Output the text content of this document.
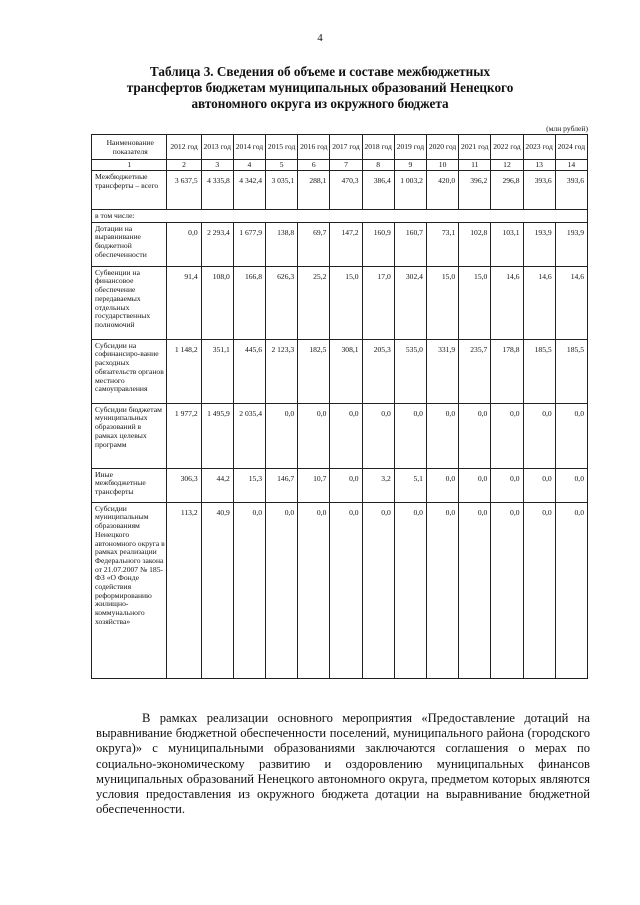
4
Таблица 3. Сведения об объеме и составе межбюджетных трансфертов бюджетам муниципальных образований Ненецкого автономного округа из окружного бюджета
(млн рублей)
Наименование показателя	2012 год	2013 год	2014 год	2015 год	2016 год	2017 год	2018 год	2019 год	2020 год	2021 год	2022 год	2023 год	2024 год
1	2	3	4	5	6	7	8	9	10	11	12	13	14
Межбюджетные трансферты – всего	3 637,5	4 335,8	4 342,4	3 035,1	288,1	470,3	386,4	1 003,2	420,0	396,2	296,8	393,6	393,6
в том числе:													
Дотации на выравнивание бюджетной обеспеченности	0,0	2 293,4	1 677,9	138,8	69,7	147,2	160,9	160,7	73,1	102,8	103,1	193,9	193,9
Субвенции на финансовое обеспечение передаваемых отдельных государственных полномочий	91,4	108,0	166,8	626,3	25,2	15,0	17,0	302,4	15,0	15,0	14,6	14,6	14,6
Субсидии на софинансиро-вание расходных обязательств органов местного самоуправления	1 148,2	351,1	445,6	2 123,3	182,5	308,1	205,3	535,0	331,9	235,7	178,8	185,5	185,5
Субсидии бюджетам муниципальных образований в рамках целевых программ	1 977,2	1 495,9	2 035,4	0,0	0,0	0,0	0,0	0,0	0,0	0,0	0,0	0,0	0,0
Иные межбюджетные трансферты	306,3	44,2	15,3	146,7	10,7	0,0	3,2	5,1	0,0	0,0	0,0	0,0	0,0
Субсидии муниципальным образованиям Ненецкого автономного округа в рамках реализации Федерального закона от 21.07.2007 № 185-ФЗ «О Фонде содействия реформированию жилищно-коммунального хозяйства»	113,2	40,9	0,0	0,0	0,0	0,0	0,0	0,0	0,0	0,0	0,0	0,0	0,0

В рамках реализации основного мероприятия «Предоставление дотаций на выравнивание бюджетной обеспеченности поселений, муниципального района (городского округа)» с муниципальными образованиями заключаются соглашения о мерах по социально-экономическому развитию и оздоровлению муниципальных финансов муниципальных образований Ненецкого автономного округа, предметом которых являются условия предоставления из окружного бюджета дотации на выравнивание бюджетной обеспеченности.
